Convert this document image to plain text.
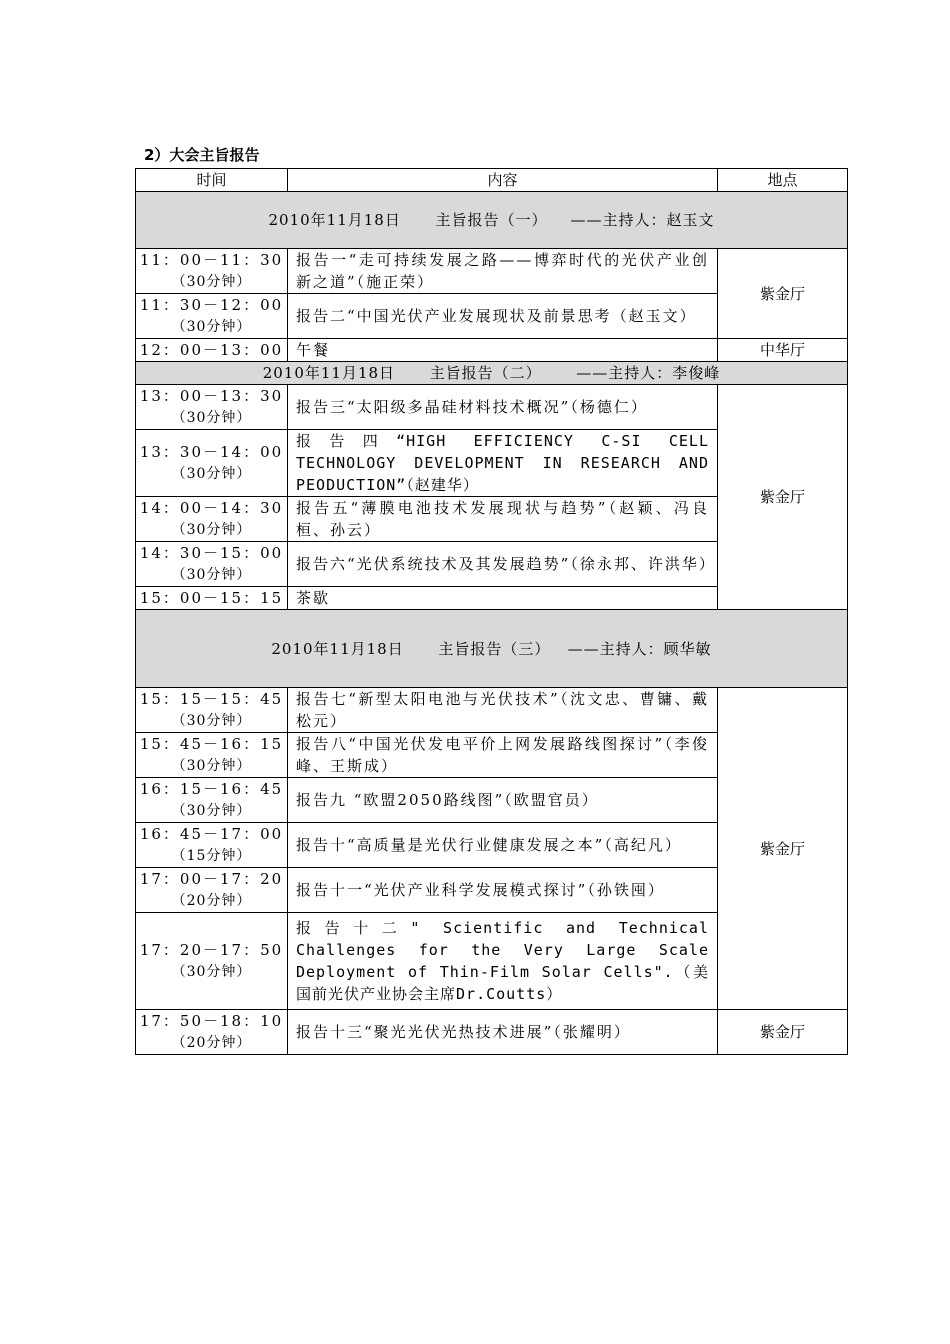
2）大会主旨报告
时间	内容	地点
2010年11月18日      主旨报告（一）    ——主持人：赵玉文		

11：00－11：30
（30分钟）	报告一“走可持续发展之路——博弈时代的光伏产业创新之道”（施正荣）	紫金厅

11：30－12：00
（30分钟）	报告二“中国光伏产业发展现状及前景思考（赵玉文）	

12：00－13：00	午餐	中华厅
2010年11月18日      主旨报告（二）      ——主持人：李俊峰		

13：00－13：30
（30分钟）	报告三“太阳级多晶硅材料技术概况”（杨德仁）	紫金厅

13：30－14：00
（30分钟）	报告四“HIGH EFFICIENCY C-SI CELL TECHNOLOGY DEVELOPMENT IN RESEARCH AND PEODUCTION”（赵建华）	

14：00－14：30
（30分钟）	报告五“薄膜电池技术发展现状与趋势”（赵颖、冯良桓、孙云）	

14：30－15：00
（30分钟）	报告六“光伏系统技术及其发展趋势”（徐永邦、许洪华）	

15：00－15：15	茶歇	

2010年11月18日      主旨报告（三）   ——主持人：顾华敏		

15：15－15：45
（30分钟）	报告七“新型太阳电池与光伏技术”（沈文忠、曹镛、戴松元）	紫金厅

15：45－16：15
（30分钟）	报告八“中国光伏发电平价上网发展路线图探讨”（李俊峰、王斯成）	

16：15－16：45
（30分钟）	报告九 “欧盟2050路线图”（欧盟官员）	

16：45－17：00
（15分钟）	报告十“高质量是光伏行业健康发展之本”（高纪凡）	

17：00－17：20
（20分钟）	报告十一“光伏产业科学发展模式探讨”（孙铁囤）	

17：20－17：50
（30分钟）	报告十二" Scientific and Technical Challenges for the Very Large Scale Deployment of Thin-Film Solar Cells".（美国前光伏产业协会主席Dr.Coutts）	

17：50－18：10
（20分钟）	报告十三“聚光光伏光热技术进展”（张耀明）	紫金厅
